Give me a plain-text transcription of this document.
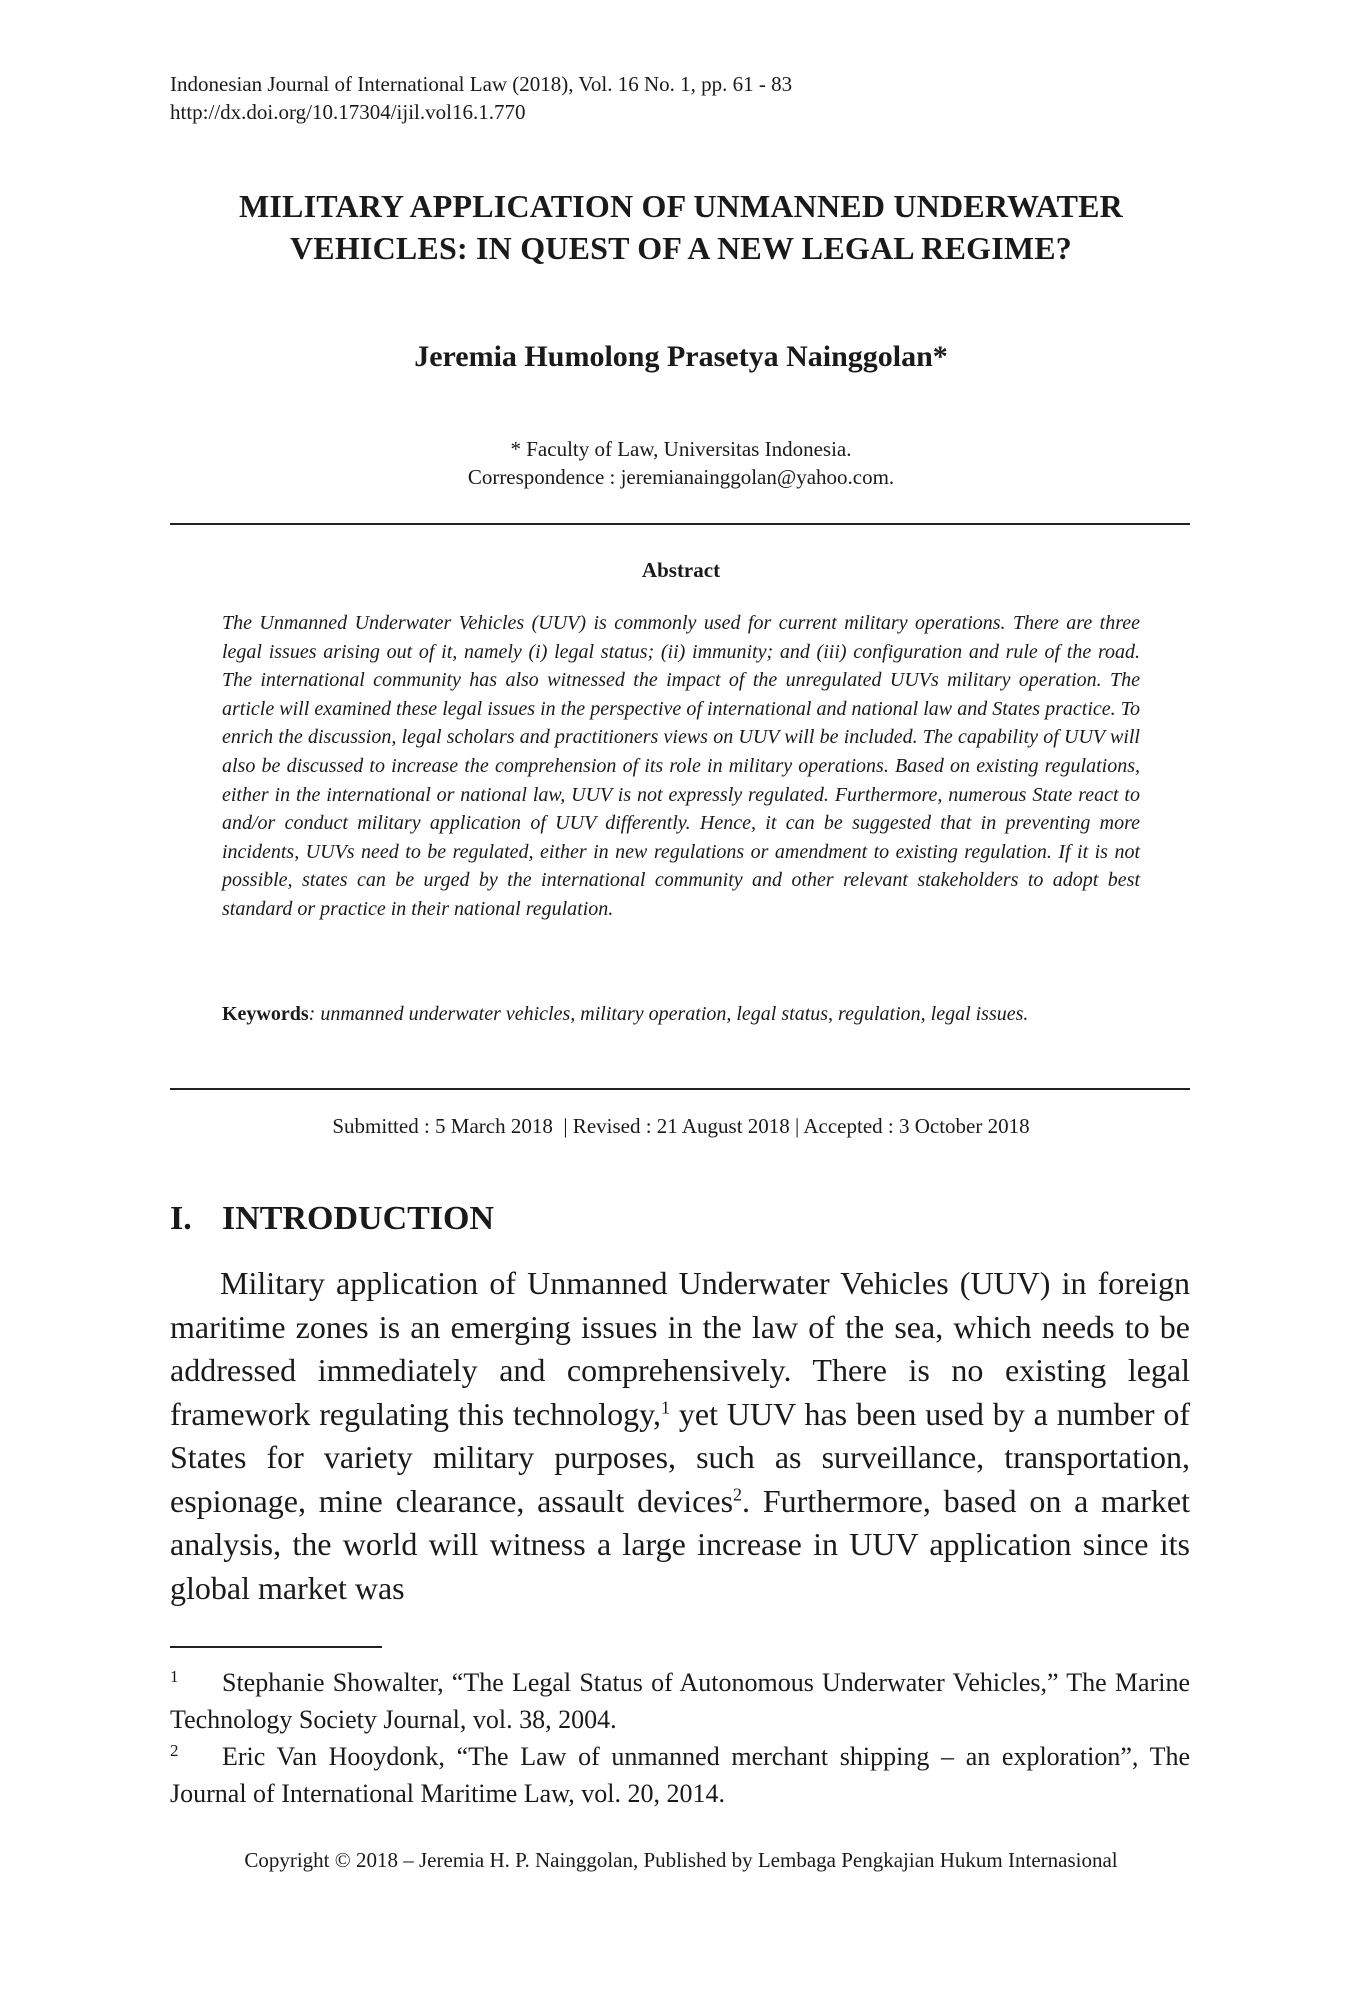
Indonesian Journal of International Law (2018), Vol. 16 No. 1, pp. 61 - 83
http://dx.doi.org/10.17304/ijil.vol16.1.770
MILITARY APPLICATION OF UNMANNED UNDERWATER
VEHICLES: IN QUEST OF A NEW LEGAL REGIME?
Jeremia Humolong Prasetya Nainggolan*
* Faculty of Law, Universitas Indonesia.
Correspondence : jeremianainggolan@yahoo.com.
Abstract
The Unmanned Underwater Vehicles (UUV) is commonly used for current military operations. There are three legal issues arising out of it, namely (i) legal status; (ii) immunity; and (iii) configuration and rule of the road. The international community has also witnessed the impact of the unregulated UUVs military operation. The article will examined these legal issues in the perspective of international and national law and States practice. To enrich the discussion, legal scholars and practitioners views on UUV will be included. The capability of UUV will also be discussed to increase the comprehension of its role in military operations. Based on existing regulations, either in the international or national law, UUV is not expressly regulated. Furthermore, numerous State react to and/or conduct military application of UUV differently. Hence, it can be suggested that in preventing more incidents, UUVs need to be regulated, either in new regulations or amendment to existing regulation. If it is not possible, states can be urged by the international community and other relevant stakeholders to adopt best standard or practice in their national regulation.
Keywords: unmanned underwater vehicles, military operation, legal status, regulation, legal issues.
Submitted : 5 March 2018  | Revised : 21 August 2018 | Accepted : 3 October 2018
I. INTRODUCTION
Military application of Unmanned Underwater Vehicles (UUV) in foreign maritime zones is an emerging issues in the law of the sea, which needs to be addressed immediately and comprehensively. There is no existing legal framework regulating this technology,$^1$ yet UUV has been used by a number of States for variety military purposes, such as surveillance, transportation, espionage, mine clearance, assault devices$^2$. Furthermore, based on a market analysis, the world will witness a large increase in UUV application since its global market was
1 Stephanie Showalter, “The Legal Status of Autonomous Underwater Vehicles,” The Marine Technology Society Journal, vol. 38, 2004.
2 Eric Van Hooydonk, “The Law of unmanned merchant shipping – an exploration”, The Journal of International Maritime Law, vol. 20, 2014.
Copyright © 2018 – Jeremia H. P. Nainggolan, Published by Lembaga Pengkajian Hukum Internasional
